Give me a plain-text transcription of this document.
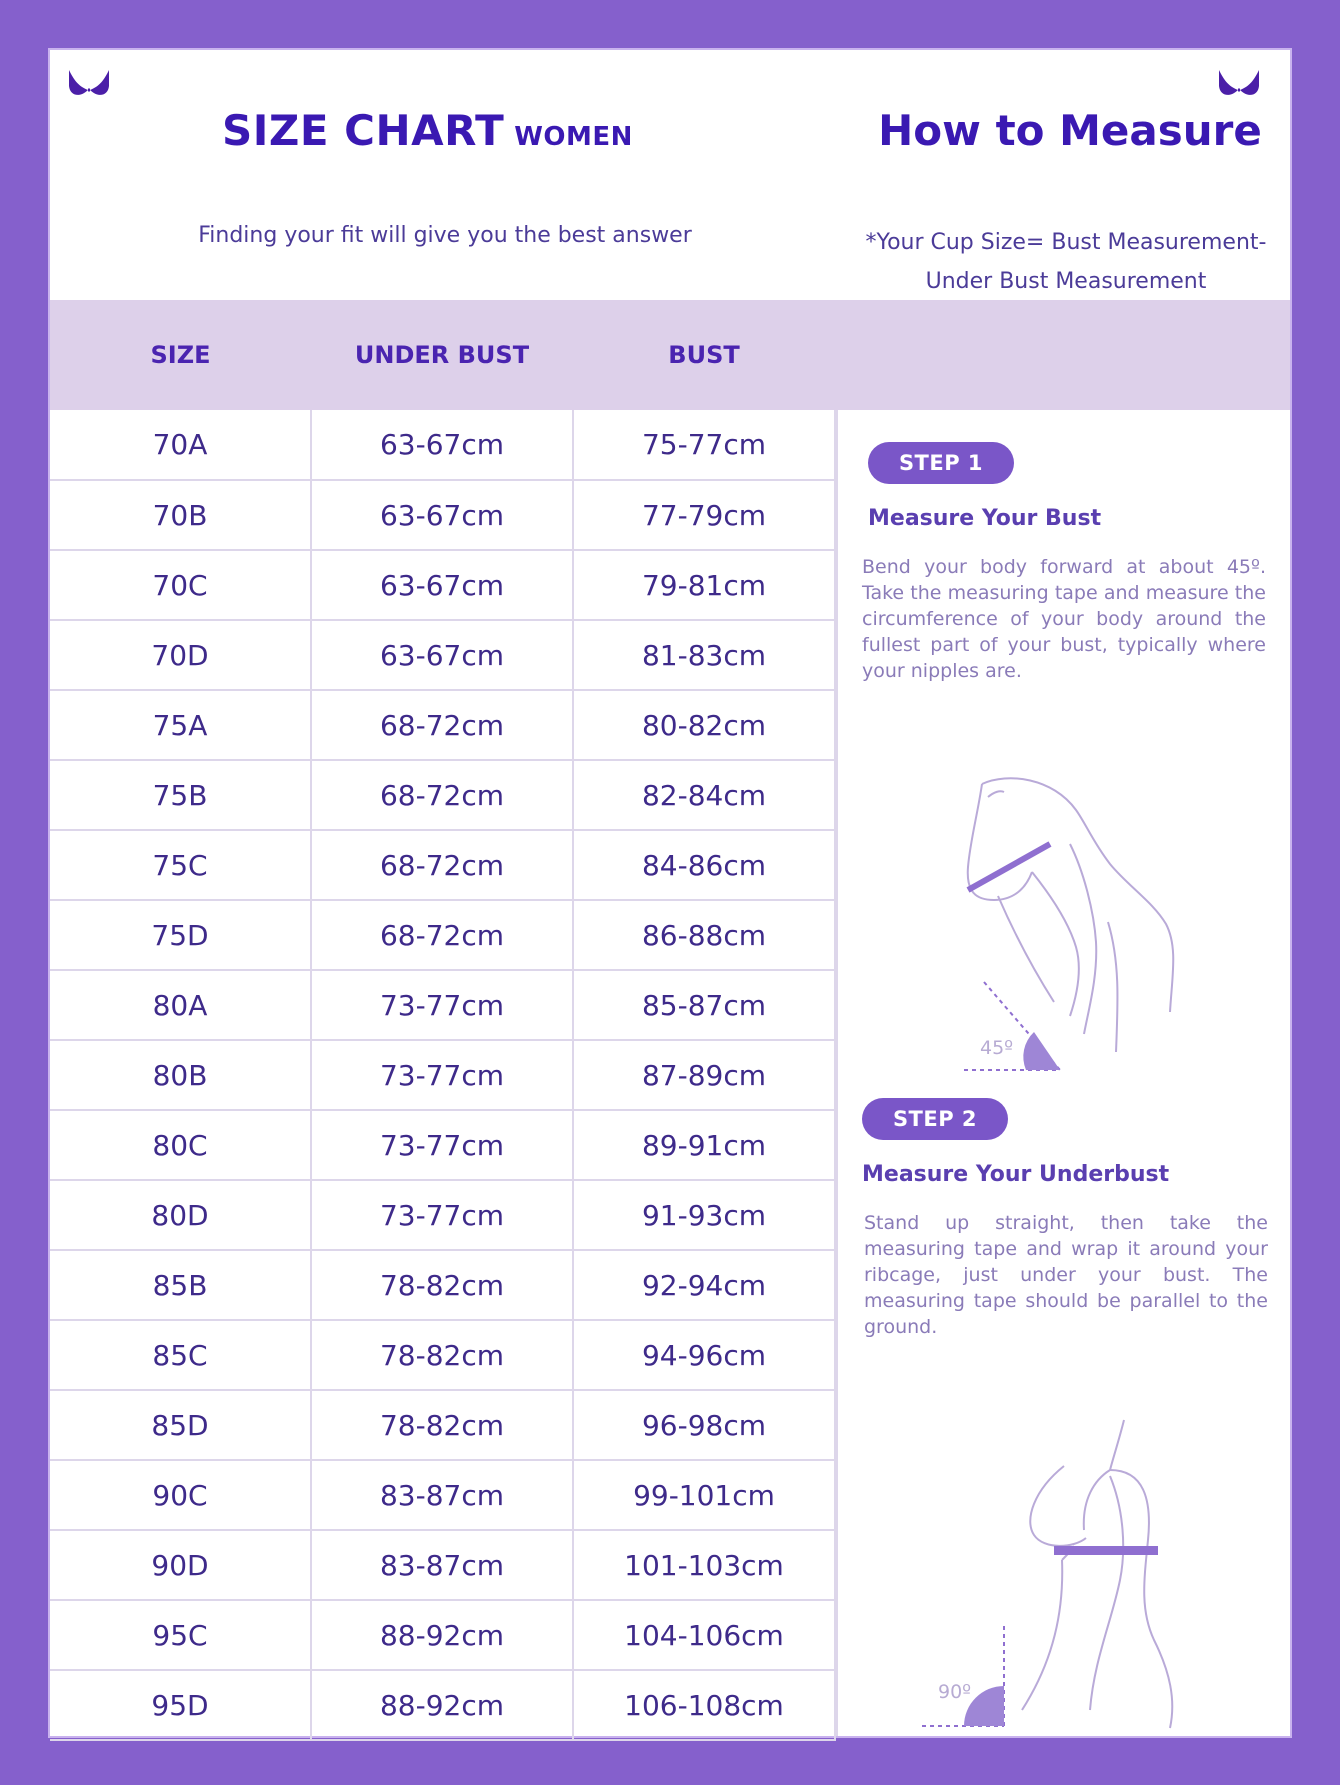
SIZE CHART WOMEN
Finding your fit will give you the best answer
How to Measure
*Your Cup Size= Bust Measurement-
Under Bust Measurement
SIZE	UNDER BUST	BUST
70A	63-67cm	75-77cm
70B	63-67cm	77-79cm
70C	63-67cm	79-81cm
70D	63-67cm	81-83cm
75A	68-72cm	80-82cm
75B	68-72cm	82-84cm
75C	68-72cm	84-86cm
75D	68-72cm	86-88cm
80A	73-77cm	85-87cm
80B	73-77cm	87-89cm
80C	73-77cm	89-91cm
80D	73-77cm	91-93cm
85B	78-82cm	92-94cm
85C	78-82cm	94-96cm
85D	78-82cm	96-98cm
90C	83-87cm	99-101cm
90D	83-87cm	101-103cm
95C	88-92cm	104-106cm
95D	88-92cm	106-108cm
STEP 1
Measure Your Bust
Bend your body forward at about 45º. Take the measuring tape and measure the circumference of your body around the fullest part of your bust, typically where your nipples are.
45º
STEP 2
Measure Your Underbust
Stand up straight, then take the measuring tape and wrap it around your ribcage, just under your bust. The measuring tape should be parallel to the ground.
90º
